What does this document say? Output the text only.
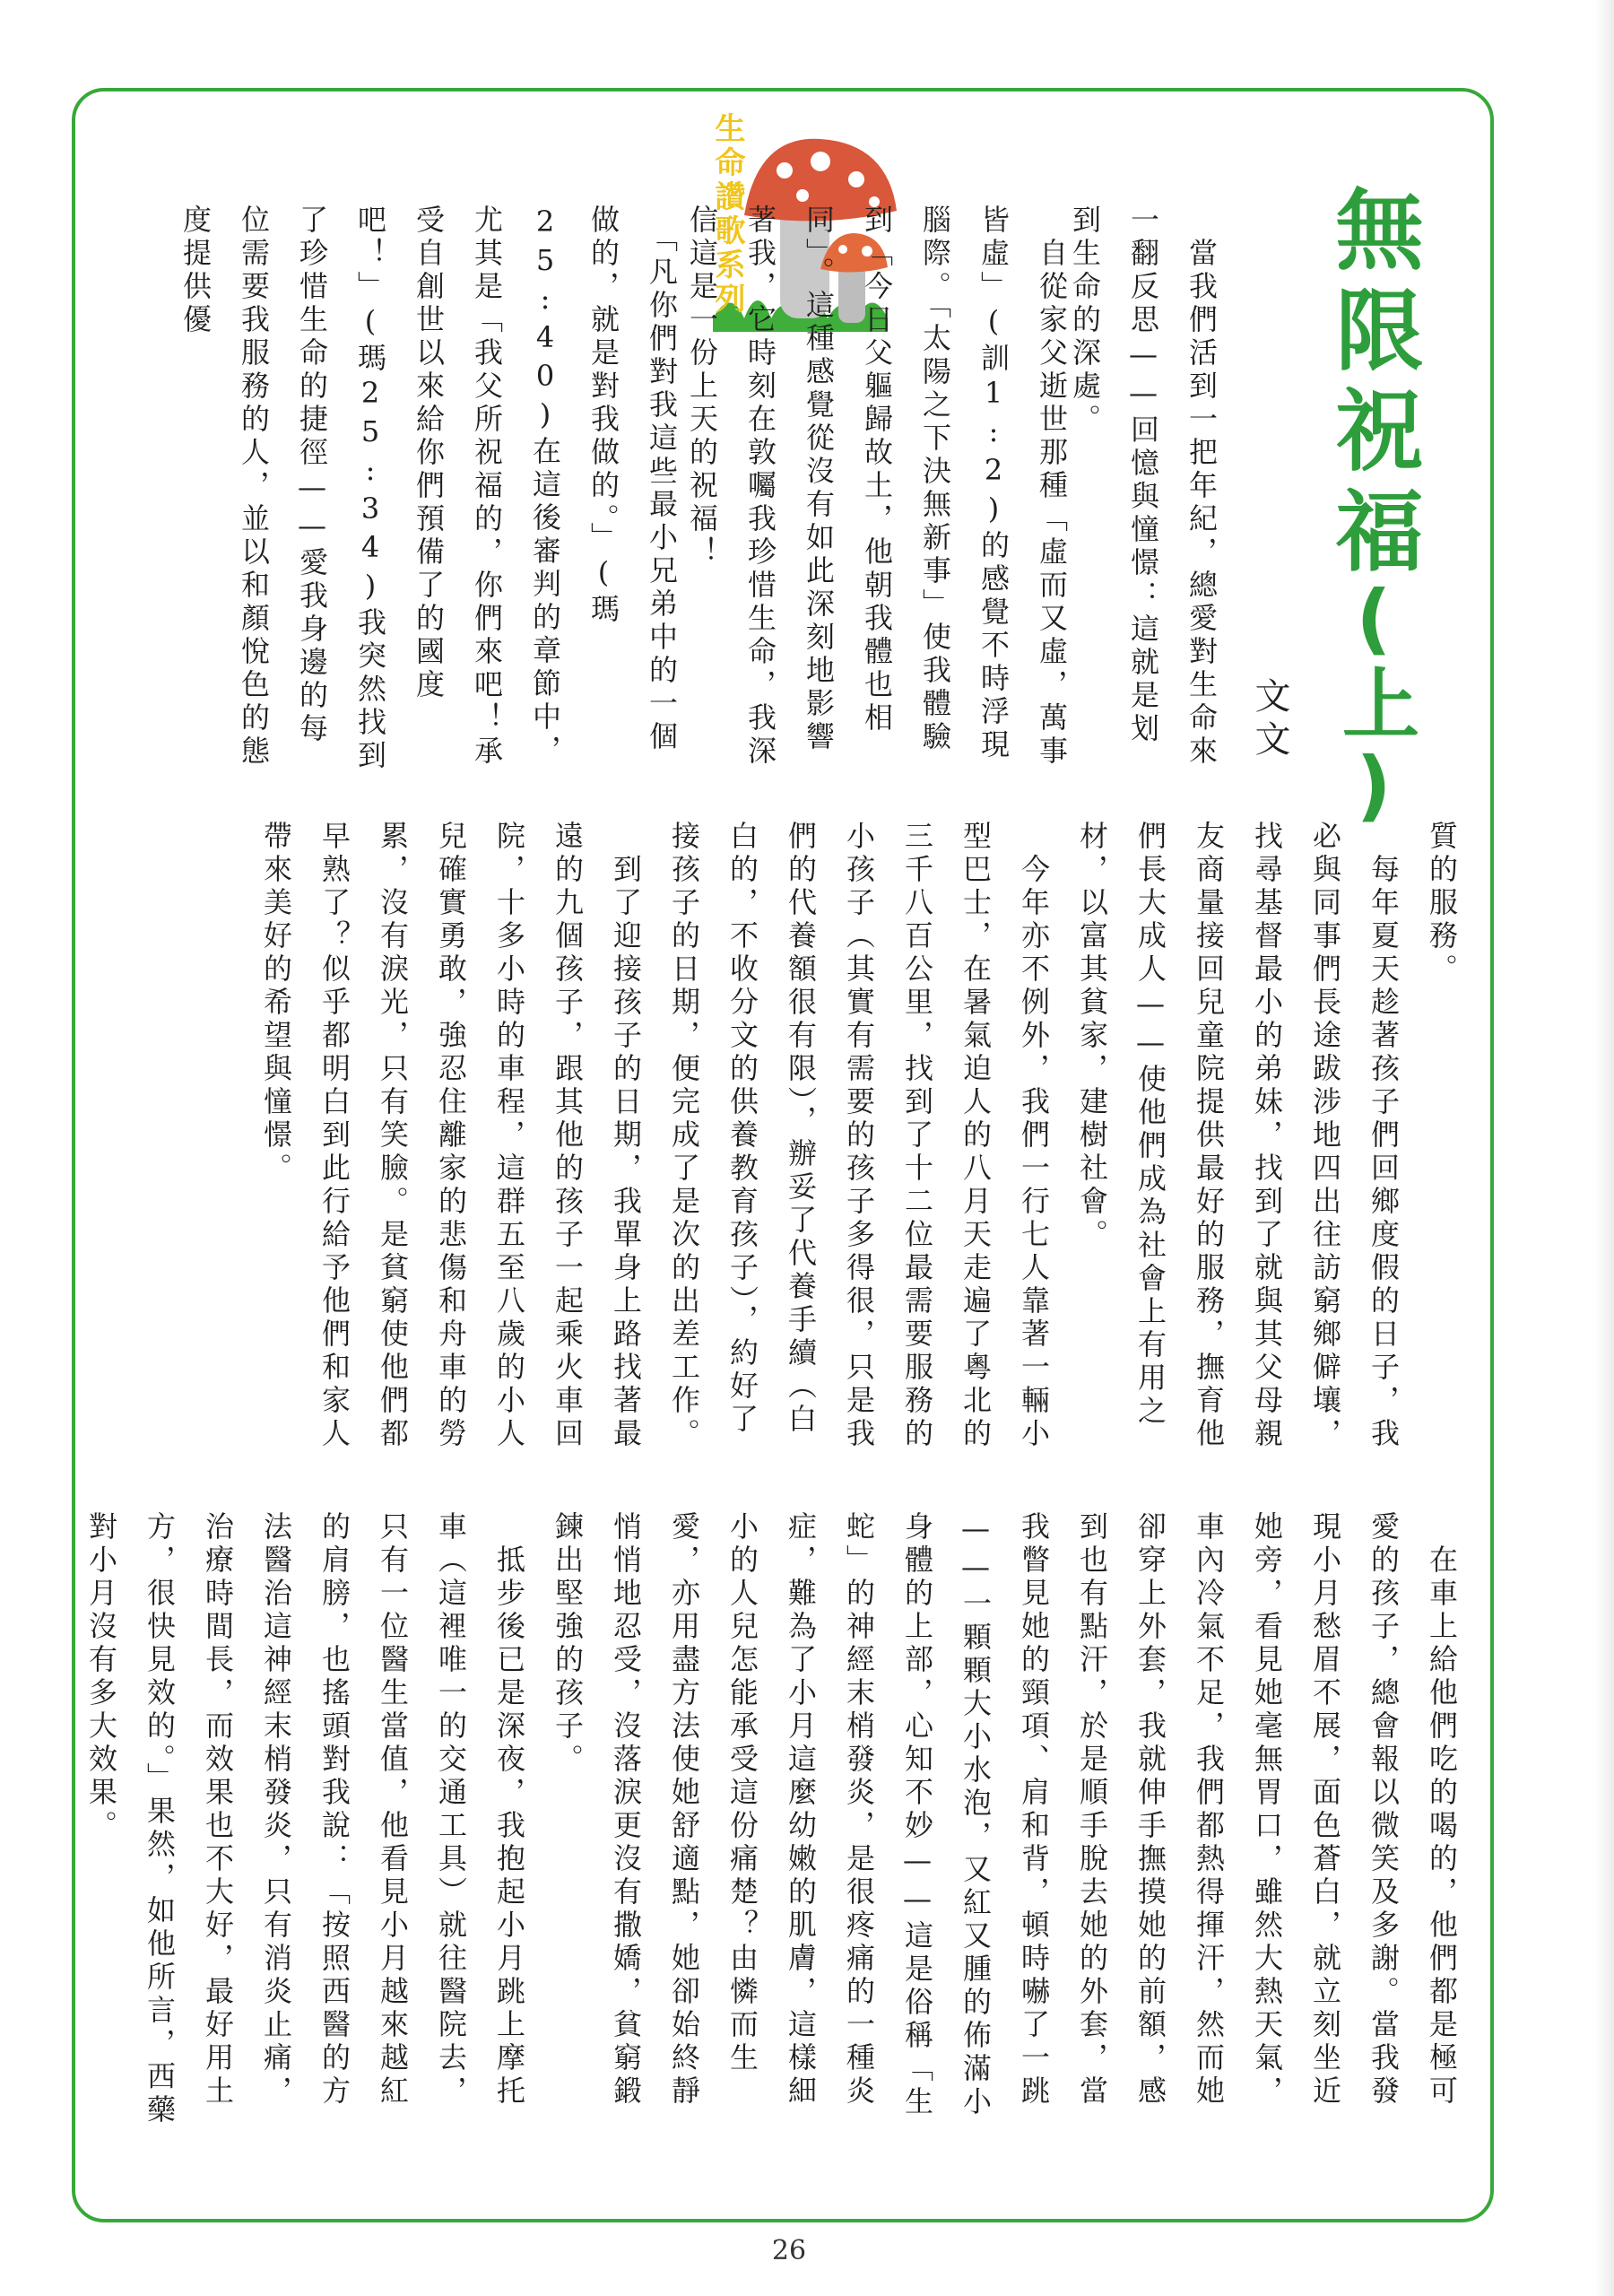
無限祝福
(上)
文文
生命讚歌系列	　當我們活到一把年紀，總愛對生命來一翻反思——回憶與憧憬：這就是划到生命的深處。
　自從家父逝世那種「虛而又虛，萬事皆虛」(訓1:2)的感覺不時浮現腦際。「太陽之下決無新事」使我體驗到「今日父軀歸故土，他朝我體也相同」。這種感覺從沒有如此深刻地影響著我，它時刻在敦囑我珍惜生命，我深信這是一份上天的祝福！
　「凡你們對我這些最小兄弟中的一個做的，就是對我做的。」(瑪25:40)在這後審判的章節中，尤其是「我父所祝福的，你們來吧！承受自創世以來給你們預備了的國度吧！」(瑪25:34)我突然找到了珍惜生命的捷徑——愛我身邊的每位需要我服務的人，並以和顏悅色的態度提供優
質的服務。
　每年夏天趁著孩子們回鄉度假的日子，我必與同事們長途跋涉地四出往訪窮鄉僻壤，找尋基督最小的弟妹，找到了就與其父母親友商量接回兒童院提供最好的服務，撫育他們長大成人——使他們成為社會上有用之材，以富其貧家，建樹社會。
　今年亦不例外，我們一行七人靠著一輛小型巴士，在暑氣迫人的八月天走遍了粵北的三千八百公里，找到了十二位最需要服務的小孩子（其實有需要的孩子多得很，只是我們的代養額很有限），辦妥了代養手續（白白的，不收分文的供養教育孩子），約好了接孩子的日期，便完成了是次的出差工作。
　到了迎接孩子的日期，我單身上路找著最遠的九個孩子，跟其他的孩子一起乘火車回院，十多小時的車程，這群五至八歲的小人兒確實勇敢，強忍住離家的悲傷和舟車的勞累，沒有淚光，只有笑臉。是貧窮使他們都早熟了？似乎都明白到此行給予他們和家人帶來美好的希望與憧憬。
　在車上給他們吃的喝的，他們都是極可愛的孩子，總會報以微笑及多謝。當我發現小月愁眉不展，面色蒼白，就立刻坐近她旁，看見她毫無胃口，雖然大熱天氣，車內冷氣不足，我們都熱得揮汗，然而她卻穿上外套，我就伸手撫摸她的前額，感到也有點汗，於是順手脫去她的外套，當我瞥見她的頸項、肩和背，頓時嚇了一跳——一顆顆大小水泡，又紅又腫的佈滿小身體的上部，心知不妙——這是俗稱「生蛇」的神經末梢發炎，是很疼痛的一種炎症，難為了小月這麼幼嫩的肌膚，這樣細小的人兒怎能承受這份痛楚？由憐而生愛，亦用盡方法使她舒適點，她卻始終靜悄悄地忍受，沒落淚更沒有撒嬌，貧窮鍛鍊出堅強的孩子。
　抵步後已是深夜，我抱起小月跳上摩托車（這裡唯一的交通工具）就往醫院去，只有一位醫生當值，他看見小月越來越紅的肩膀，也搖頭對我說：「按照西醫的方法醫治這神經末梢發炎，只有消炎止痛，治療時間長，而效果也不大好，最好用土方，很快見效的。」果然，如他所言，西藥對小月沒有多大效果。
26
